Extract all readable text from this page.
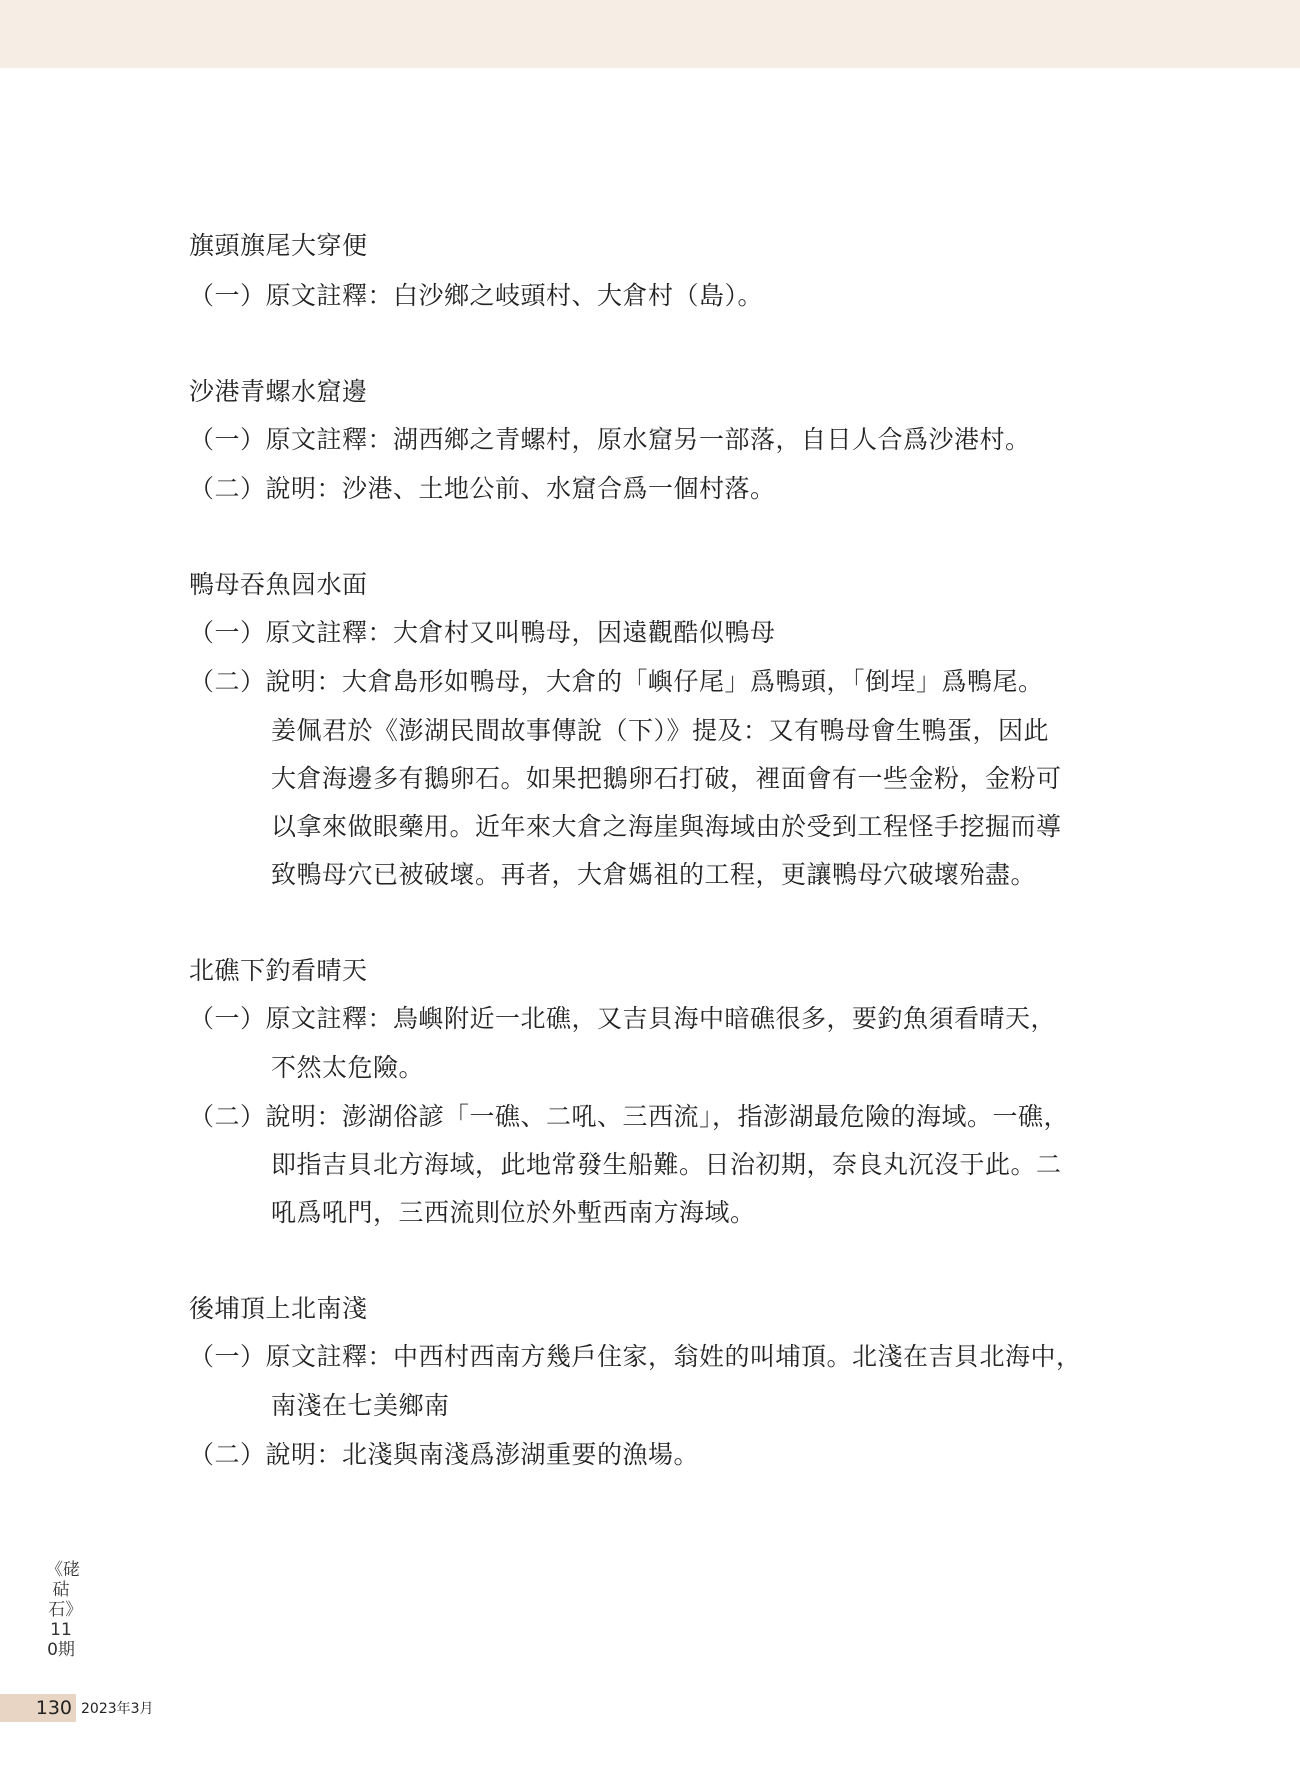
旗頭旗尾大穿便
（一）原文註釋：白沙鄉之岐頭村、大倉村（島）。
沙港青螺水窟邊
（一）原文註釋：湖西鄉之青螺村，原水窟另一部落，自日人合爲沙港村。
（二）說明：沙港、土地公前、水窟合爲一個村落。
鴨母吞魚囥水面
（一）原文註釋：大倉村又叫鴨母，因遠觀酷似鴨母
（二）說明：大倉島形如鴨母，大倉的「嶼仔尾」爲鴨頭，「倒埕」爲鴨尾。
姜佩君於《澎湖民間故事傳說（下）》提及：又有鴨母會生鴨蛋，因此
大倉海邊多有鵝卵石。如果把鵝卵石打破，裡面會有一些金粉，金粉可
以拿來做眼藥用。近年來大倉之海崖與海域由於受到工程怪手挖掘而導
致鴨母穴已被破壞。再者，大倉媽祖的工程，更讓鴨母穴破壞殆盡。
北礁下釣看晴天
（一）原文註釋：鳥嶼附近一北礁，又吉貝海中暗礁很多，要釣魚須看晴天，
不然太危險。
（二）說明：澎湖俗諺「一礁、二吼、三西流」，指澎湖最危險的海域。一礁，
即指吉貝北方海域，此地常發生船難。日治初期，奈良丸沉沒于此。二
吼爲吼門，三西流則位於外塹西南方海域。
後埔頂上北南淺
（一）原文註釋：中西村西南方幾戶住家，翁姓的叫埔頂。北淺在吉貝北海中，
南淺在七美鄉南
（二）說明：北淺與南淺爲澎湖重要的漁場。
《硓𥑮石》110期
130 2023年3月
